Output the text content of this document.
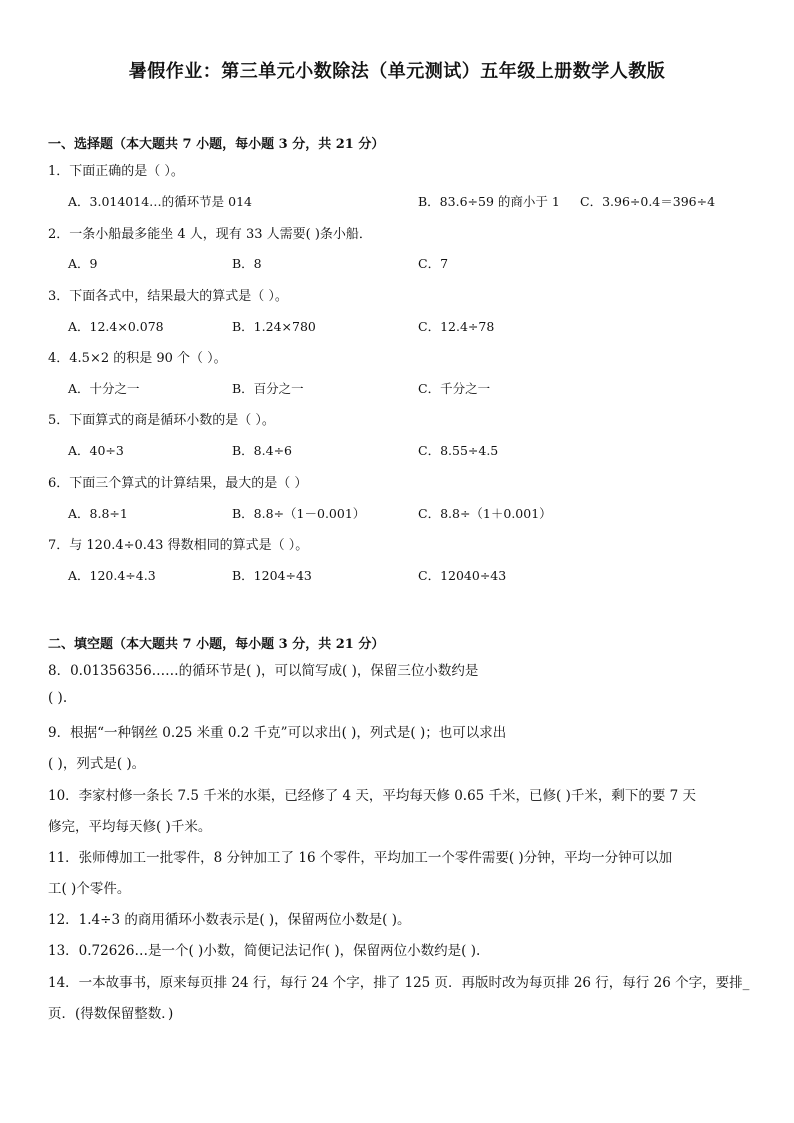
暑假作业：第三单元小数除法（单元测试）五年级上册数学人教版
一、选择题（本大题共 7 小题，每小题 3 分，共 21 分）
1．下面正确的是（ ）。
A．3.014014…的循环节是 014	B．83.6÷59 的商小于 1 C．3.96÷0.4＝396÷4
2．一条小船最多能坐 4 人，现有 33 人需要( )条小船．
A．9	B．8	C．7
3．下面各式中，结果最大的算式是（ ）。
A．12.4×0.078	B．1.24×780	C．12.4÷78
4．4.5×2 的积是 90 个（ ）。
A．十分之一	B．百分之一	C．千分之一
5．下面算式的商是循环小数的是（ ）。
A．40÷3	B．8.4÷6	C．8.55÷4.5
6．下面三个算式的计算结果，最大的是（ ）
A．8.8÷1	B．8.8÷（1－0.001）	C．8.8÷（1＋0.001）
7．与 120.4÷0.43 得数相同的算式是（ ）。
A．120.4÷4.3	B．1204÷43	C．12040÷43
二、填空题（本大题共 7 小题，每小题 3 分，共 21 分）
8．0.01356356……的循环节是( )，可以简写成( )，保留三位小数约是
( ).
9．根据“一种钢丝 0.25 米重 0.2 千克”可以求出( )，列式是( )；也可以求出
( )，列式是( )。
10．李家村修一条长 7.5 千米的水渠，已经修了 4 天，平均每天修 0.65 千米，已修( )千米，剩下的要 7 天
修完，平均每天修( )千米。
11．张师傅加工一批零件，8 分钟加工了 16 个零件，平均加工一个零件需要( )分钟，平均一分钟可以加
工( )个零件。
12．1.4÷3 的商用循环小数表示是( )，保留两位小数是( )。
13．0.72626…是一个( )小数，简便记法记作( )，保留两位小数约是( ).
14．一本故事书，原来每页排 24 行，每行 24 个字，排了 125 页．再版时改为每页排 26 行，每行 26 个字，要排_
页．(得数保留整数．)
